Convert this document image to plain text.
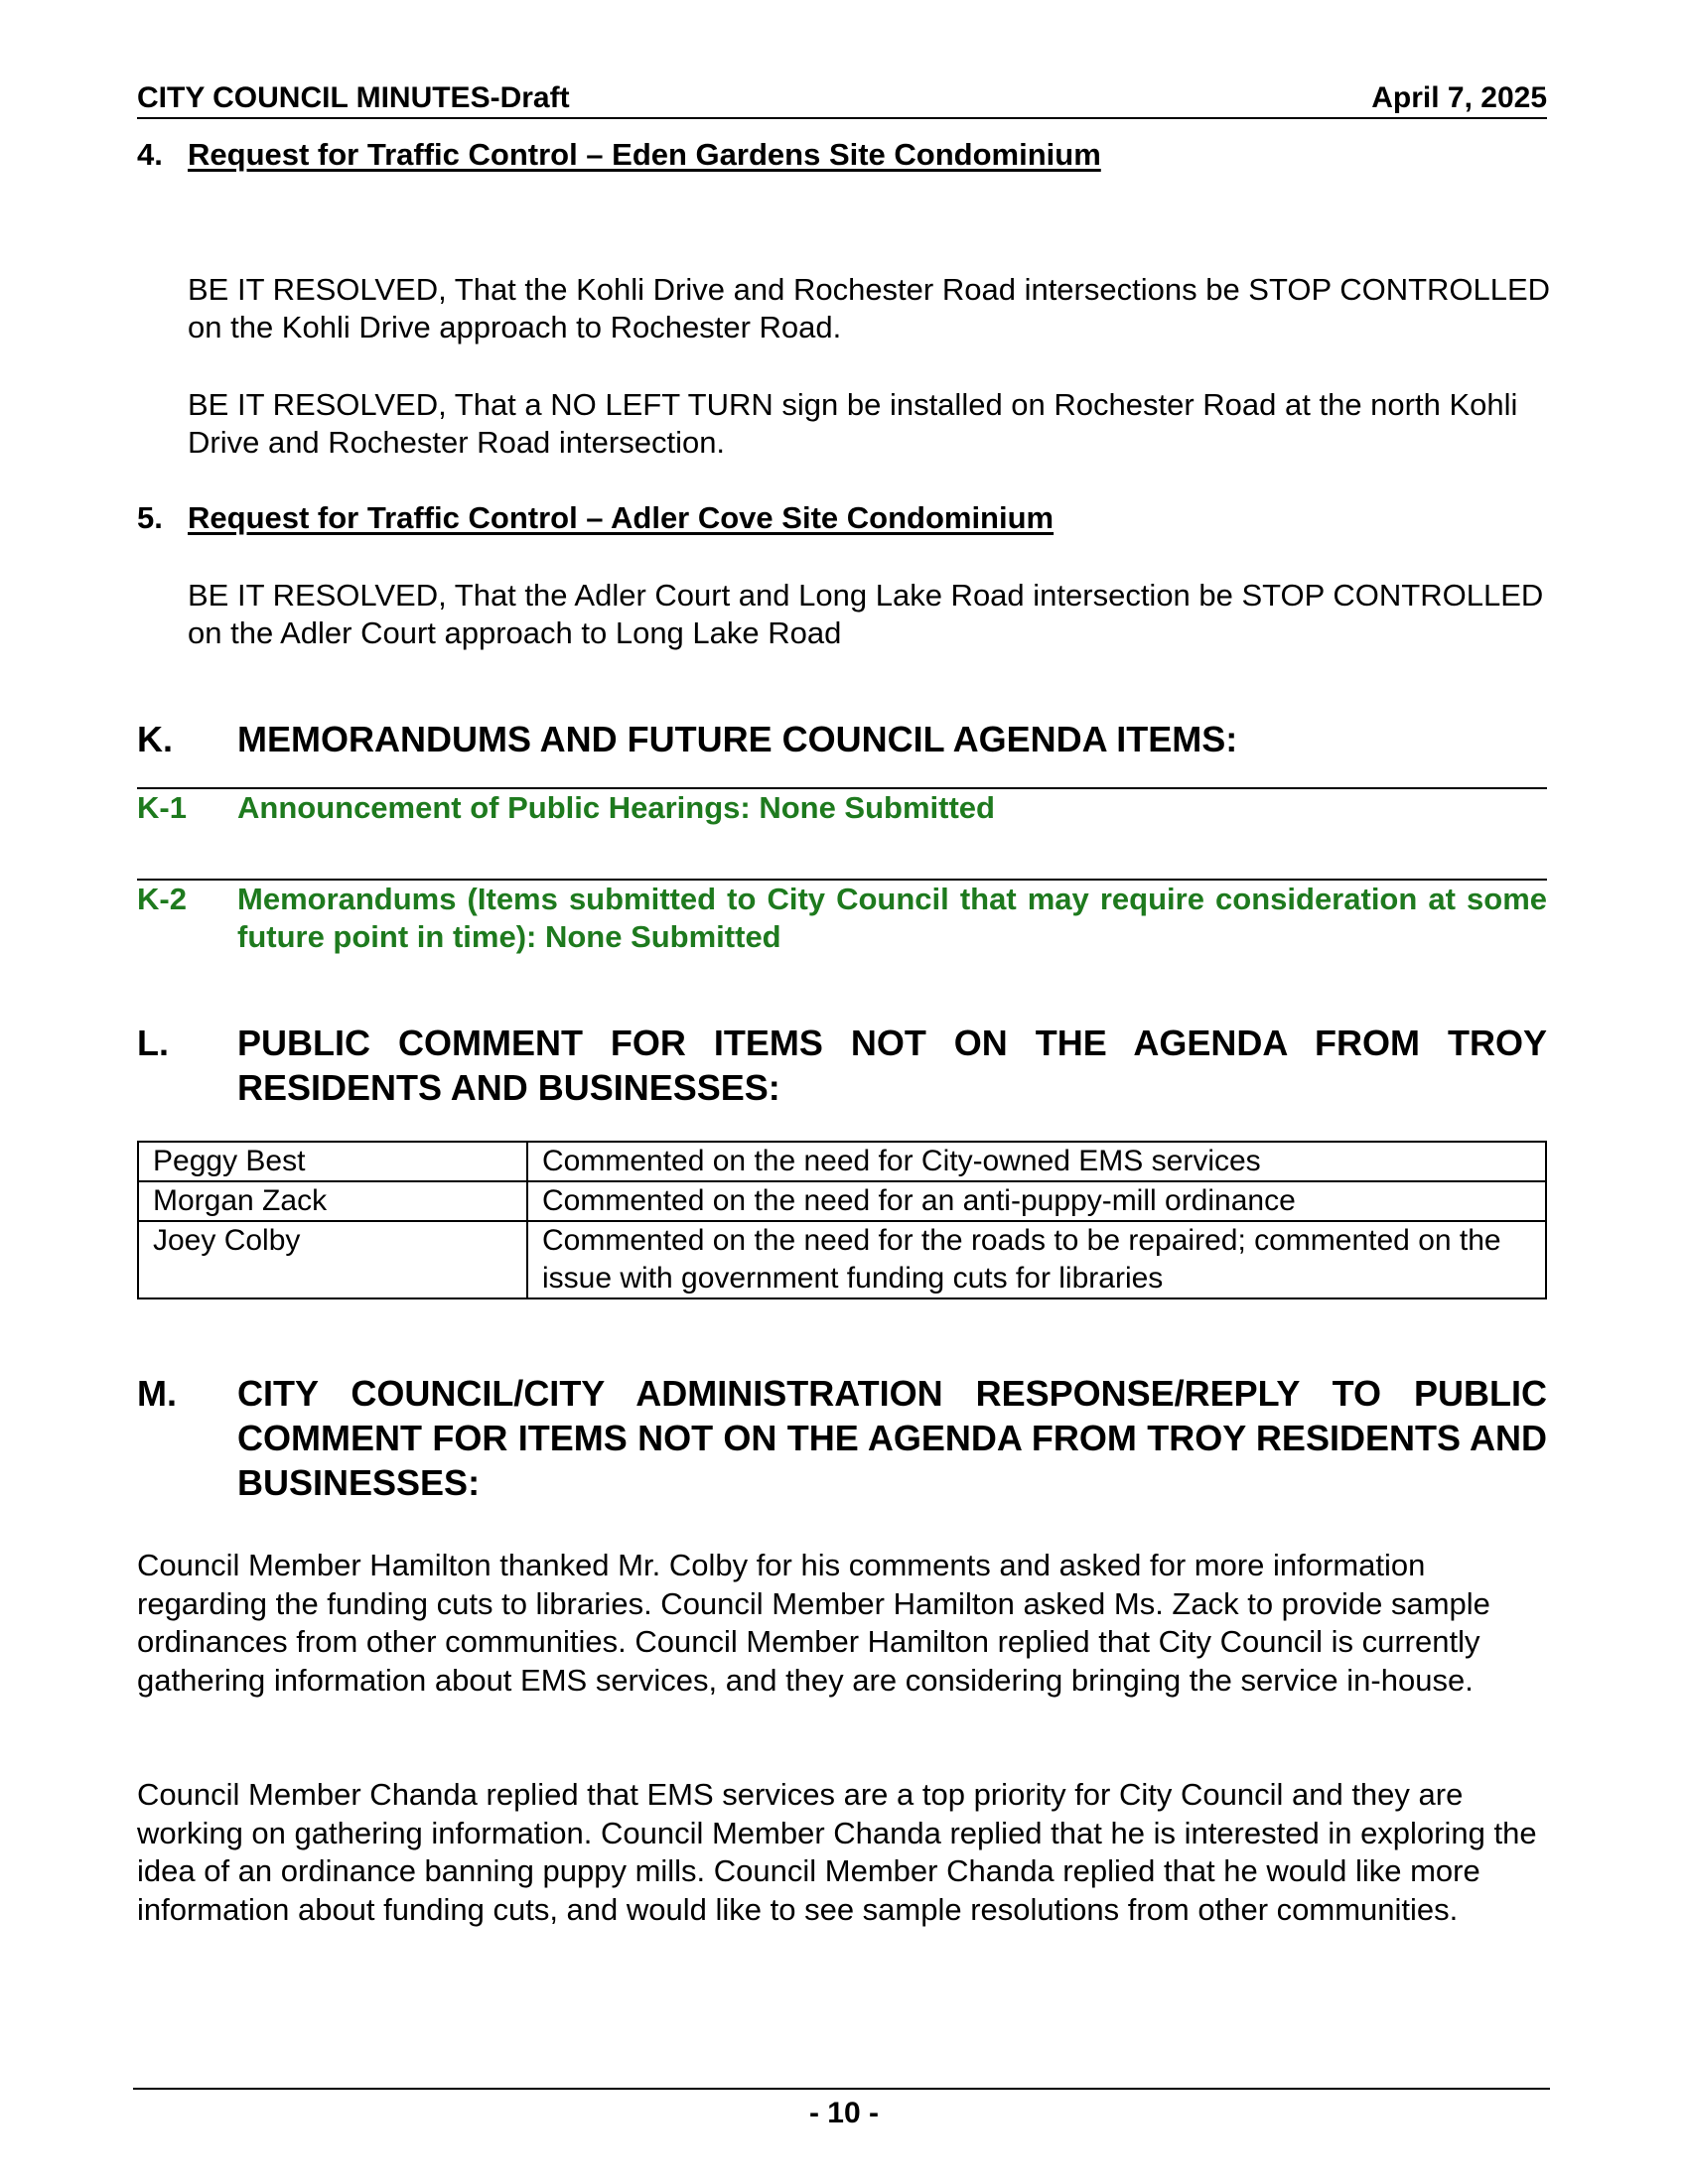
CITY COUNCIL MINUTES-Draft	April 7, 2025
4. Request for Traffic Control – Eden Gardens Site Condominium
BE IT RESOLVED, That the Kohli Drive and Rochester Road intersections be STOP CONTROLLED on the Kohli Drive approach to Rochester Road.
BE IT RESOLVED, That a NO LEFT TURN sign be installed on Rochester Road at the north Kohli Drive and Rochester Road intersection.
5. Request for Traffic Control – Adler Cove Site Condominium
BE IT RESOLVED, That the Adler Court and Long Lake Road intersection be STOP CONTROLLED on the Adler Court approach to Long Lake Road
K. MEMORANDUMS AND FUTURE COUNCIL AGENDA ITEMS:
K-1 Announcement of Public Hearings: None Submitted
K-2 Memorandums (Items submitted to City Council that may require consideration at some future point in time): None Submitted
L. PUBLIC COMMENT FOR ITEMS NOT ON THE AGENDA FROM TROY RESIDENTS AND BUSINESSES:
Peggy Best	Commented on the need for City-owned EMS services
Morgan Zack	Commented on the need for an anti-puppy-mill ordinance
Joey Colby	Commented on the need for the roads to be repaired; commented on the issue with government funding cuts for libraries
M. CITY COUNCIL/CITY ADMINISTRATION RESPONSE/REPLY TO PUBLIC COMMENT FOR ITEMS NOT ON THE AGENDA FROM TROY RESIDENTS AND BUSINESSES:
Council Member Hamilton thanked Mr. Colby for his comments and asked for more information regarding the funding cuts to libraries. Council Member Hamilton asked Ms. Zack to provide sample ordinances from other communities. Council Member Hamilton replied that City Council is currently gathering information about EMS services, and they are considering bringing the service in-house.
Council Member Chanda replied that EMS services are a top priority for City Council and they are working on gathering information. Council Member Chanda replied that he is interested in exploring the idea of an ordinance banning puppy mills. Council Member Chanda replied that he would like more information about funding cuts, and would like to see sample resolutions from other communities.
- 10 -
